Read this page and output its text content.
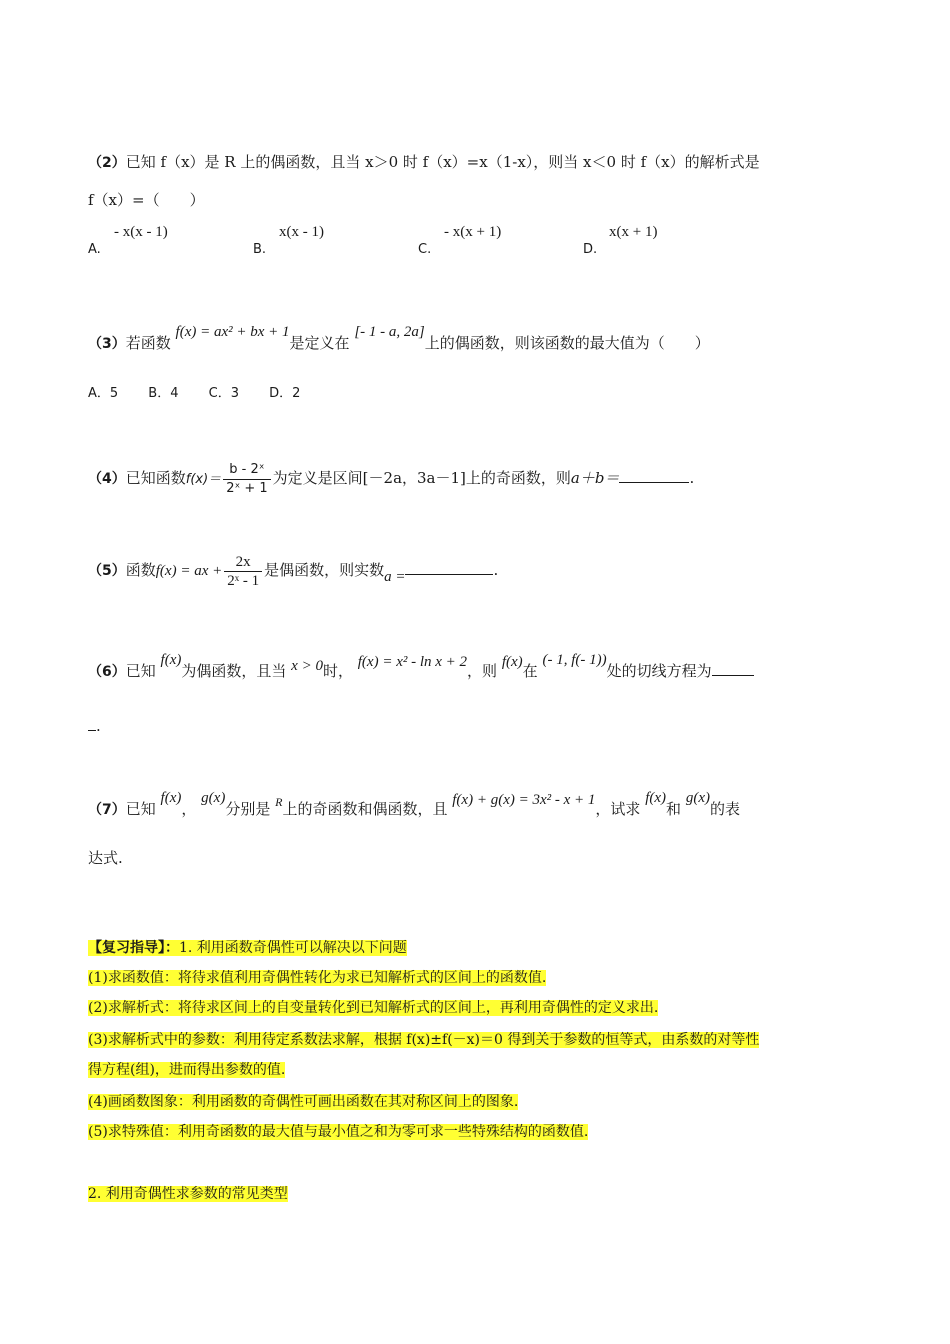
（2）已知 f（x）是 R 上的偶函数，且当 x＞0 时 f（x）=x（1-x），则当 x＜0 时 f（x）的解析式是
f（x）=（　　）
A.
- x(x - 1)
B.
x(x - 1)
C.
- x(x + 1)
D.
x(x + 1)
（3）若函数 f(x) = ax² + bx + 1是定义在 [- 1 - a, 2a]上的偶函数，则该函数的最大值为（　　）
A．5　　 B．4　　 C．3　　 D．2
（4）已知函数$f(x)= \frac{\text{b - 2ˣ}}{\text{2ˣ + 1}}$ 为定义是区间[－2a，3a－1]上的奇函数，则a＋b＝	.
（5）函数f(x) = ax + $\frac{2x}{\text{2ˣ - 1}}$ 是偶函数，则实数a =	.
（6）已知 f(x)为偶函数，且当 x > 0时， f(x) = x² - ln x + 2，则 f(x)在 (- 1, f(- 1))处的切线方程为
.
（7）已知 f(x)， g(x)分别是 $^R$上的奇函数和偶函数，且 f(x) + g(x) = 3x² - x + 1，试求 f(x)和 g(x)的表
达式.
【复习指导】：1. 利用函数奇偶性可以解决以下问题
(1)求函数值：将待求值利用奇偶性转化为求已知解析式的区间上的函数值.
(2)求解析式：将待求区间上的自变量转化到已知解析式的区间上，再利用奇偶性的定义求出.
(3)求解析式中的参数：利用待定系数法求解，根据 f(x)±f(－x)＝0 得到关于参数的恒等式，由系数的对等性
得方程(组)，进而得出参数的值.
(4)画函数图象：利用函数的奇偶性可画出函数在其对称区间上的图象.
(5)求特殊值：利用奇函数的最大值与最小值之和为零可求一些特殊结构的函数值.
2. 利用奇偶性求参数的常见类型
